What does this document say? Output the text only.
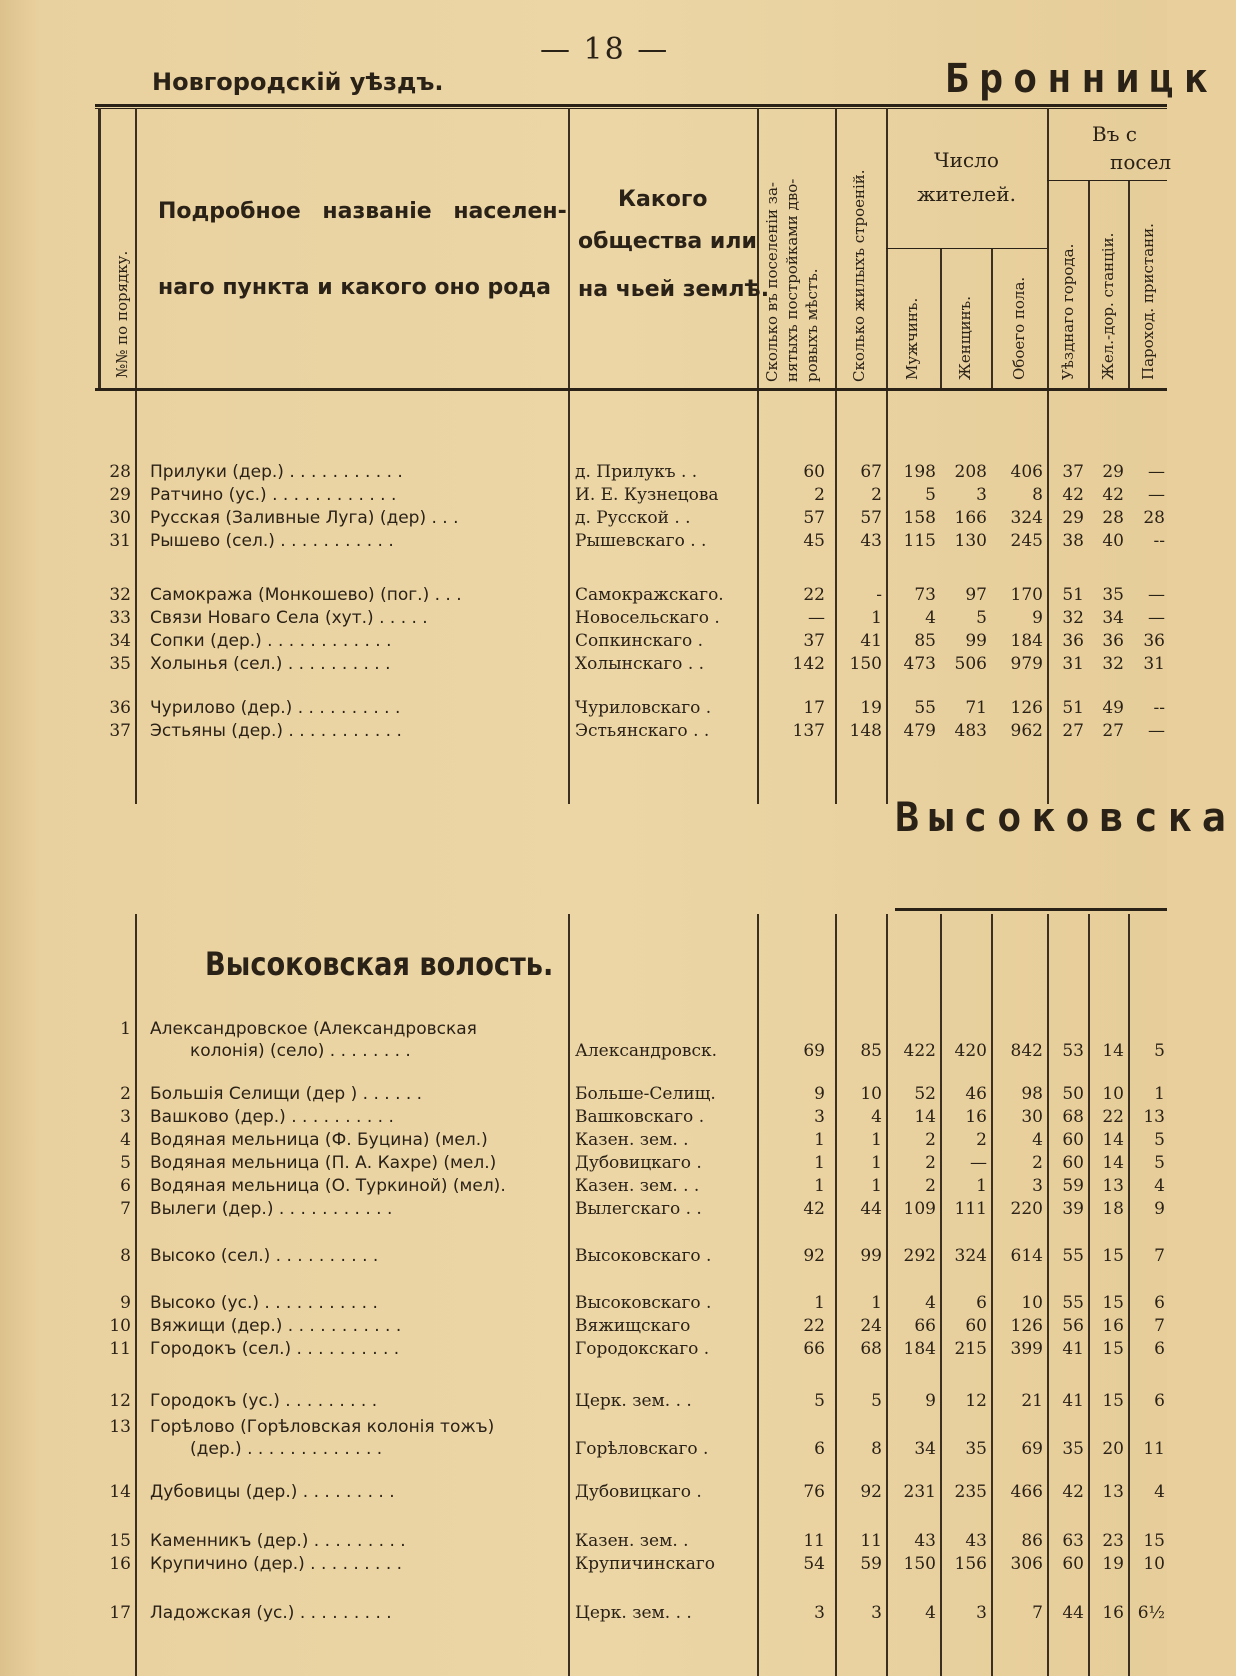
— 18 —
Новгородскій уѣздъ.	Бронницк
№№ по порядку.
Подробное названіе населен-
наго пункта и какого оно рода
Какого
общества или
на чьей землѣ.
Сколько въ поселеніи за- нятыхъ постройками дво- ровыхъ мѣстъ. Сколько жилыхъ строеній.
Число
жителей.
Мужчинъ. Женщинъ. Обоего пола.
Въ с
посел
Уѣзднаго города. Жел.-дор. станціи. Пароход. пристани.
Высоковска
Высоковская волость.
28 Прилуки (дер.) . . . . . . . . . . .	д. Прилукъ . .	60	67	198	208	406	37	29	—
29 Ратчино (ус.) . . . . . . . . . . . .	И. Е. Кузнецова	2	2	5	3	8	42	42	—
30 Русская (Заливные Луга) (дер) . . .	д. Русской . .	57	57	158	166	324	29	28	28
31 Рышево (сел.) . . . . . . . . . . .	Рышевскаго . .	45	43	115	130	245	38	40	--
32 Самокража (Монкошево) (пог.) . . .	Самокражскаго.	22	-	73	97	170	51	35	—
33 Связи Новаго Села (хут.) . . . . .	Новосельскаго .	—	1	4	5	9	32	34	—
34 Сопки (дер.) . . . . . . . . . . . .	Сопкинскаго .	37	41	85	99	184	36	36	36
35 Холынья (сел.) . . . . . . . . . .	Холынскаго . .	142	150	473	506	979	31	32	31
36 Чурилово (дер.) . . . . . . . . . .	Чуриловскаго .	17	19	55	71	126	51	49	--
37 Эстьяны (дер.) . . . . . . . . . . .	Эстьянскаго . .	137	148	479	483	962	27	27	—
1 Александровское (Александровская
колонія) (село) . . . . . . . .	Александровск.	69	85	422	420	842	53	14	5
2 Большія Селищи (дер ) . . . . . .	Больше-Селищ.	9	10	52	46	98	50	10	1
3 Вашково (дер.) . . . . . . . . . .	Вашковскаго .	3	4	14	16	30	68	22	13
4 Водяная мельница (Ф. Буцина) (мел.)	Казен. зем. .	1	1	2	2	4	60	14	5
5 Водяная мельница (П. А. Кахре) (мел.)	Дубовицкаго .	1	1	2	—	2	60	14	5
6 Водяная мельница (О. Туркиной) (мел).	Казен. зем. . .	1	1	2	1	3	59	13	4
7 Вылеги (дер.) . . . . . . . . . . .	Вылегскаго . .	42	44	109	111	220	39	18	9
8 Высоко (сел.) . . . . . . . . . .	Высоковскаго .	92	99	292	324	614	55	15	7
9 Высоко (ус.) . . . . . . . . . . .	Высоковскаго .	1	1	4	6	10	55	15	6
10 Вяжищи (дер.) . . . . . . . . . . .	Вяжищскаго	22	24	66	60	126	56	16	7
11 Городокъ (сел.) . . . . . . . . . .	Городокскаго .	66	68	184	215	399	41	15	6
12 Городокъ (ус.) . . . . . . . . .	Церк. зем. . .	5	5	9	12	21	41	15	6
13 Горѣлово (Горѣловская колонія тожъ)
(дер.) . . . . . . . . . . . . .	Горѣловскаго .	6	8	34	35	69	35	20	11
14 Дубовицы (дер.) . . . . . . . . .	Дубовицкаго .	76	92	231	235	466	42	13	4
15 Каменникъ (дер.) . . . . . . . . .	Казен. зем. .	11	11	43	43	86	63	23	15
16 Крупичино (дер.) . . . . . . . . .	Крупичинскаго	54	59	150	156	306	60	19	10
17 Ладожская (ус.) . . . . . . . . .	Церк. зем. . .	3	3	4	3	7	44	16 6½
